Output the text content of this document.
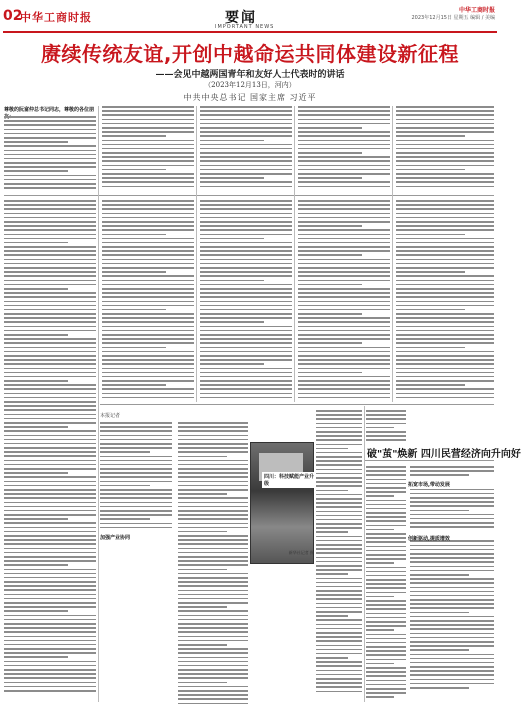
02
中华工商时报	要闻
IMPORTANT NEWS
中华工商时报
2023年12月15日 星期五 编辑 / 美编
赓续传统友谊,开创中越命运共同体建设新征程
——会见中越两国青年和友好人士代表时的讲话
（2023年12月13日，河内）
中共中央总书记 国家主席 习近平
尊敬的阮富仲总书记同志，尊敬的各位朋
本报记者
加强产业协同
四川：科技赋能产业升级
新华社记者 摄
破"茧"焕新 四川民营经济向升向好
拓宽市场,带动发展
创新驱动,提质增效
